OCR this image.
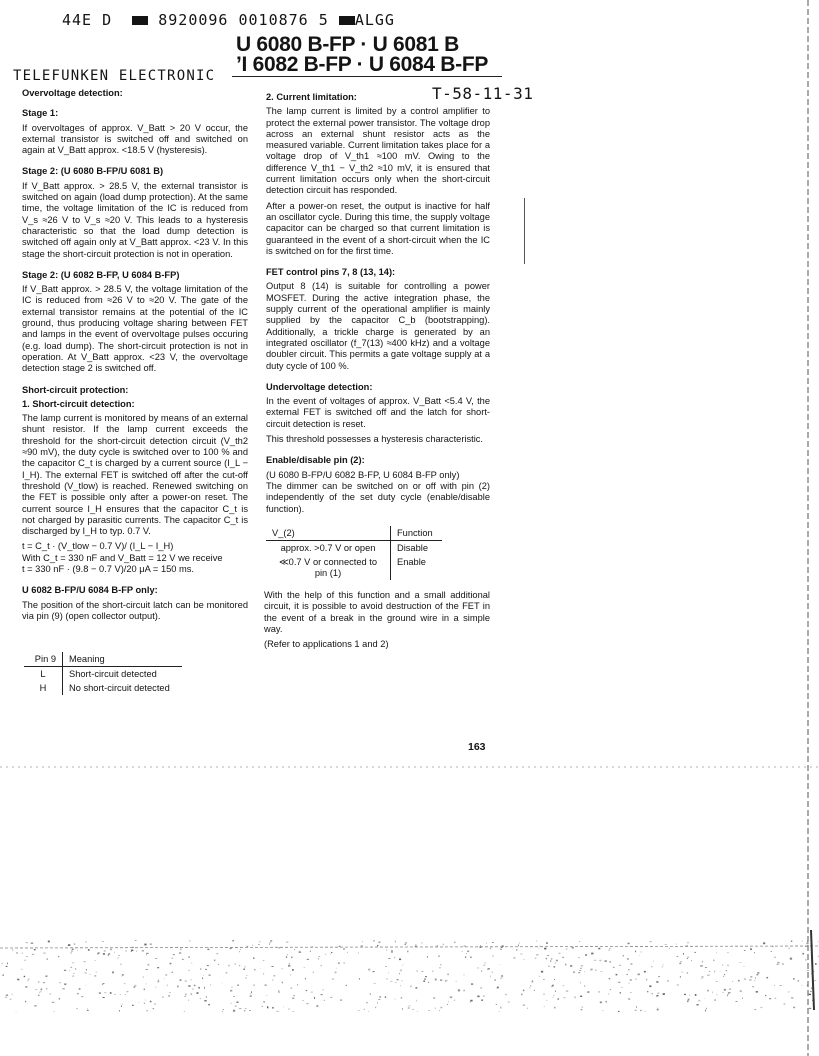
44E D	8920096 0010876 5 ALGG
U 6080 B-FP · U 6081 B
’I 6082 B-FP · U 6084 B-FP
TELEFUNKEN ELECTRONIC
T-58-11-31

Overvoltage detection:

Stage 1:

If overvoltages of approx. V_Batt > 20 V occur, the external transistor is switched off and switched on again at V_Batt approx. <18.5 V (hysteresis).

Stage 2: (U 6080 B-FP/U 6081 B)

If V_Batt approx. > 28.5 V, the external transistor is switched on again (load dump protection). At the same time, the voltage limitation of the IC is reduced from V_s ≈26 V to V_s ≈20 V. This leads to a hysteresis characteristic so that the load dump detection is switched off again only at V_Batt approx. <23 V. In this stage the short-circuit protection is not in operation.

Stage 2: (U 6082 B-FP, U 6084 B-FP)

If V_Batt approx. > 28.5 V, the voltage limitation of the IC is reduced from ≈26 V to ≈20 V. The gate of the external transistor remains at the potential of the IC ground, thus producing voltage sharing between FET and lamps in the event of overvoltage pulses occuring (e.g. load dump). The short-circuit protection is not in operation. At V_Batt approx. <23 V, the overvoltage detection stage 2 is switched off.

Short-circuit protection:

1. Short-circuit detection:

The lamp current is monitored by means of an external shunt resistor. If the lamp current exceeds the threshold for the short-circuit detection circuit (V_th2 ≈90 mV), the duty cycle is switched over to 100 % and the capacitor C_t is charged by a current source (I_L − I_H). The external FET is switched off after the cut-off threshold (V_tlow) is reached. Renewed switching on the FET is possible only after a power-on reset. The current source I_H ensures that the capacitor C_t is not charged by parasitic currents. The capacitor C_t is discharged by I_H to typ. 0.7 V.

t = C_t · (V_tlow − 0.7 V)/ (I_L − I_H)

With C_t = 330 nF and V_Batt = 12 V we receive

t = 330 nF · (9.8 − 0.7 V)/20 μA = 150 ms.

U 6082 B-FP/U 6084 B-FP only:

The position of the short-circuit latch can be monitored via pin (9) (open collector output).

Pin 9	Meaning
L	Short-circuit detected
H	No short-circuit detected

2. Current limitation:

The lamp current is limited by a control amplifier to protect the external power transistor. The voltage drop across an external shunt resistor acts as the measured variable. Current limitation takes place for a voltage drop of V_th1 ≈100 mV. Owing to the difference V_th1 − V_th2 ≈10 mV, it is ensured that current limitation occurs only when the short-circuit detection circuit has responded.

After a power-on reset, the output is inactive for half an oscillator cycle. During this time, the supply voltage capacitor can be charged so that current limitation is guaranteed in the event of a short-circuit when the IC is switched on for the first time.

FET control pins 7, 8 (13, 14):

Output 8 (14) is suitable for controlling a power MOSFET. During the active integration phase, the supply current of the operational amplifier is mainly supplied by the capacitor C_b (bootstrapping). Additionally, a trickle charge is generated by an integrated oscillator (f_7(13) ≈400 kHz) and a voltage doubler circuit. This permits a gate voltage supply at a duty cycle of 100 %.

Undervoltage detection:

In the event of voltages of approx. V_Batt <5.4 V, the external FET is switched off and the latch for short-circuit detection is reset.

This threshold possesses a hysteresis characteristic.

Enable/disable pin (2):

(U 6080 B-FP/U 6082 B-FP, U 6084 B-FP only)

The dimmer can be switched on or off with pin (2) independently of the set duty cycle (enable/disable function).

V_(2)	Function
approx. >0.7 V or open	Disable
≪0.7 V or connected to pin (1)	Enable

With the help of this function and a small additional circuit, it is possible to avoid destruction of the FET in the event of a break in the ground wire in a simple way.

(Refer to applications 1 and 2)

163
